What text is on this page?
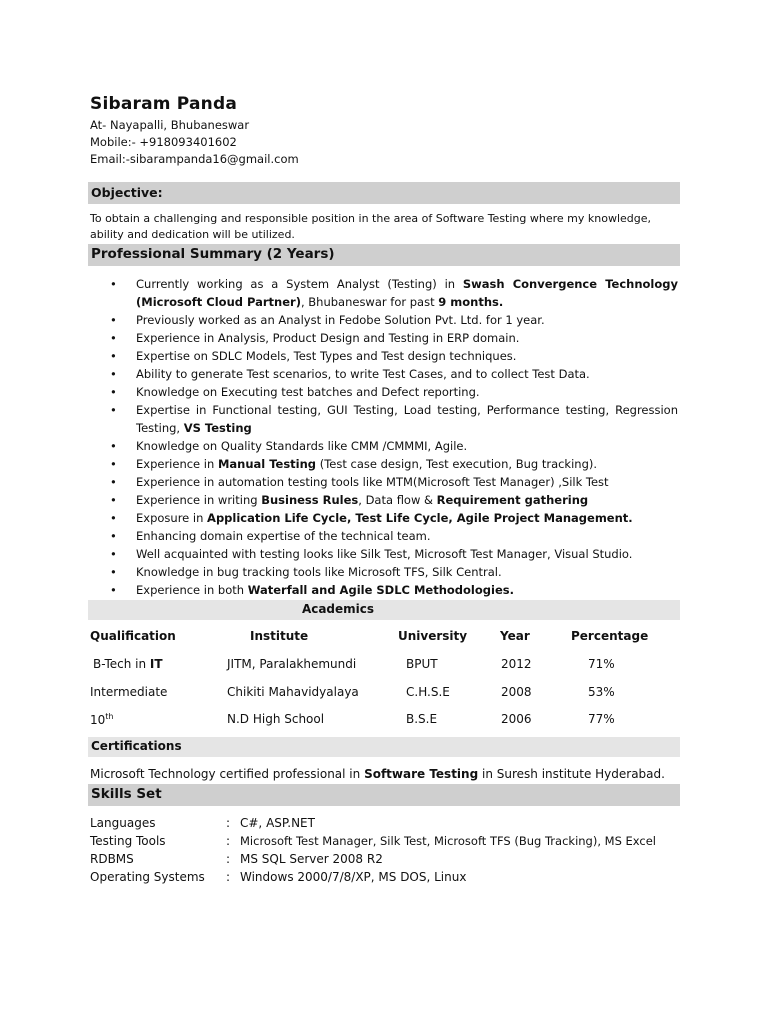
Sibaram Panda
At- Nayapalli, Bhubaneswar
Mobile:- +918093401602
Email:-sibarampanda16@gmail.com
Objective:
To obtain a challenging and responsible position in the area of Software Testing where my knowledge, ability and dedication will be utilized.
Professional Summary (2 Years)
• Currently working as a System Analyst (Testing) in Swash Convergence Technology (Microsoft Cloud Partner), Bhubaneswar for past 9 months.
• Previously worked as an Analyst in Fedobe Solution Pvt. Ltd. for 1 year.
• Experience in Analysis, Product Design and Testing in ERP domain.
• Expertise on SDLC Models, Test Types and Test design techniques.
• Ability to generate Test scenarios, to write Test Cases, and to collect Test Data.
• Knowledge on Executing test batches and Defect reporting.
• Expertise in Functional testing, GUI Testing, Load testing, Performance testing, Regression Testing, VS Testing
• Knowledge on Quality Standards like CMM /CMMMI, Agile.
• Experience in Manual Testing (Test case design, Test execution, Bug tracking).
• Experience in automation testing tools like MTM(Microsoft Test Manager) ,Silk Test
• Experience in writing Business Rules, Data flow & Requirement gathering
• Exposure in Application Life Cycle, Test Life Cycle, Agile Project Management.
• Enhancing domain expertise of the technical team.
• Well acquainted with testing looks like Silk Test, Microsoft Test Manager, Visual Studio.
• Knowledge in bug tracking tools like Microsoft TFS, Silk Central.
• Experience in both Waterfall and Agile SDLC Methodologies.
Academics
Qualification	Institute	University	Year	Percentage
B-Tech in IT	JITM, Paralakhemundi	BPUT	2012	71%
Intermediate	Chikiti Mahavidyalaya	C.H.S.E	2008	53%
10th	N.D High School	B.S.E	2006	77%
Certifications
Microsoft Technology certified professional in Software Testing in Suresh institute Hyderabad.
Skills Set
Languages	: C#, ASP.NET
Testing Tools	: Microsoft Test Manager, Silk Test, Microsoft TFS (Bug Tracking), MS Excel
RDBMS	: MS SQL Server 2008 R2
Operating Systems : Windows 2000/7/8/XP, MS DOS, Linux
